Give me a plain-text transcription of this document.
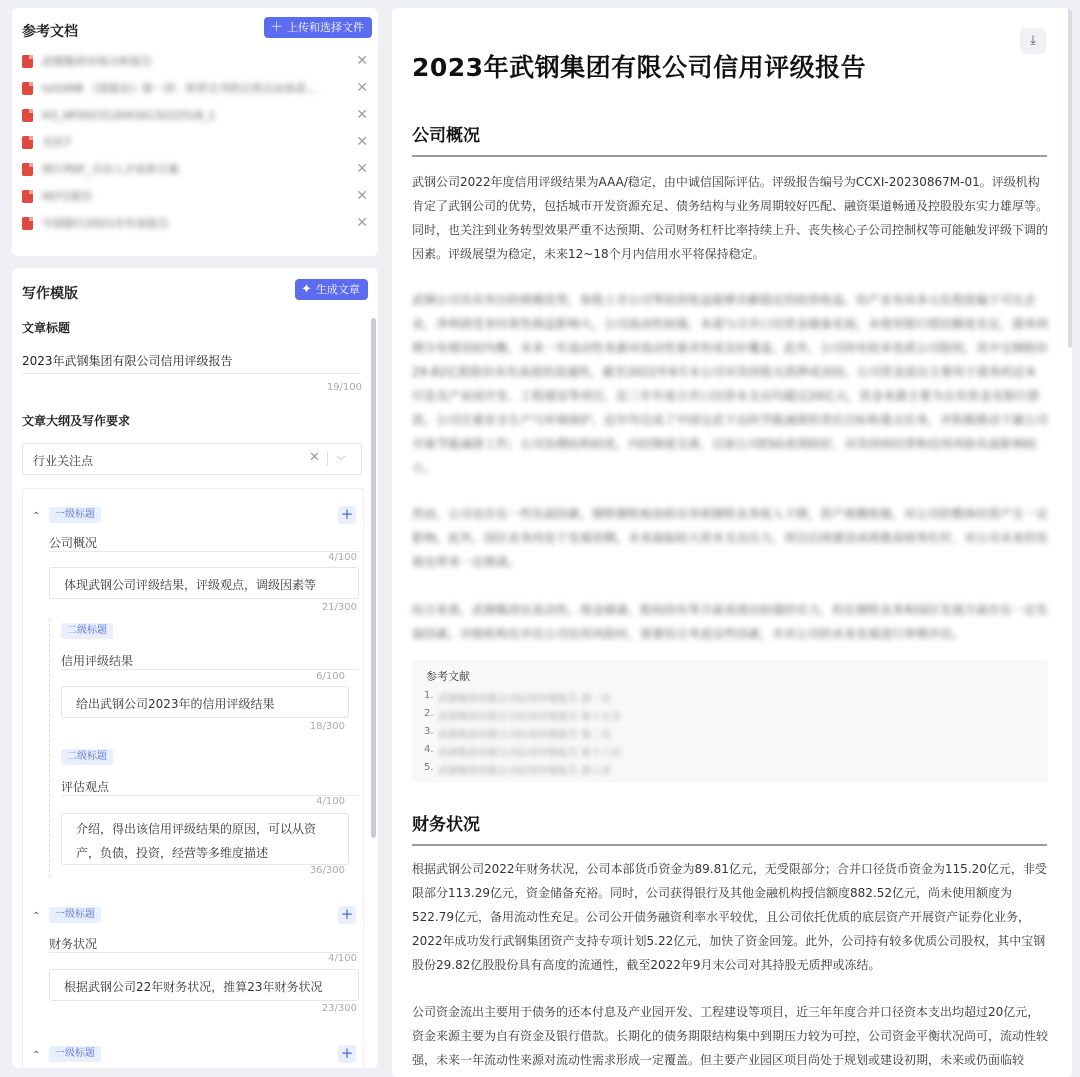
参考文档	＋ 上传和选择文件
武钢集团市场分析报告	✕
tsl1008 《国富论》第一讲：纵贯全书的自然自由体系...	✕
H3_AP202312041613222518_1	✕
光伏7	✕
图片PDF_丰田人才培养方案	✕
0071简历	✕
中国银行2021年年度报告	✕
写作模版	✦ 生成文章
文章标题
2023年武钢集团有限公司信用评级报告
19/100
文章大纲及写作要求
行业关注点	✕ ⌵
⌃	一级标题	+
公司概况
4/100
体现武钢公司评级结果，评级观点，调级因素等
21/300
二级标题
信用评级结果
6/100
给出武钢公司2023年的信用评级结果
18/300
二级标题
评估观点
4/100
介绍，得出该信用评级结果的原因，可以从资产，负债，投资，经营等多维度描述
36/300
⌃	一级标题	+
财务状况
4/100
根据武钢公司22年财务状况，推算23年财务状况
23/300
⌃	一级标题	+
⤓
2023年武钢集团有限公司信用评级报告
公司概况
武钢公司2022年度信用评级结果为AAA/稳定，由中诚信国际评估。评级报告编号为CCXI-20230867M-01。评级机构肯定了武钢公司的优势，包括城市开发资源充足、债务结构与业务周期较好匹配、融资渠道畅通及控股股东实力雄厚等。同时，也关注到业务转型效果严重不达预期、公司财务杠杆比率持续上升、丧失核心子公司控制权等可能触发评级下调的因素。评级展望为稳定，未来12~18个月内信用水平将保持稳定。
武钢公司具有突出的规模优势，参股上市公司等投资收益能够贡献稳定的投资收益。但产业布局多元化程度偏于可比企业，净利润受非经常性损益影响大，公司流动性较强，本部与合并口径资金储备充裕，未使用银行授信额度充足，债务到期分布情况较均衡，未来一年流动性来源对流动性需求形成良好覆盖。此外，公司持有较多优质公司股权，其中宝钢股份29.82亿股股份具有高度的流通性，截至2022年9月末公司对其持股无质押或冻结。公司资金流出主要用于债务的还本付息及产业园开发、工程建设等项目，近三年年度合并口径资本支出均超过20亿元，资金来源主要为自有资金及银行借款。公司注重安全生产与环境保护，近年均完成了中国宝武下达的节能减排的责任目标和重点任务，并积极推动下属公司开展节能减排工作；公司治理结构较优，内控制度完善，目前公司ESG表现较好，对其持续经营和信用风险负面影响较小。
然而，公司也存在一些负面因素，钢铁钢铁板块转出导致钢铁业务收入下降，资产规模收缩，对公司的整体经营产生一定影响。此外，园区业务尚处于发展初期，未来面临较大资本支出压力，项目后续建设或将推高财务杠杆，对公司未来的发展也带来一定挑战。
综合来看，武钢集团在流动性、现金储备、股权持有等方面表现出较强的实力，但在钢铁业务和园区发展方面存在一定负面因素。评级机构在评估公司信用风险时，需要综合考虑这些因素，并对公司的未来发展进行审慎评估。
参考文献
1. 武钢集团有限公司信用评级报告 第一页
2. 武钢集团有限公司信用评级报告 第十五页
3. 武钢集团有限公司信用评级报告 第二页
4. 武钢集团有限公司信用评级报告 第十六页
5. 武钢集团有限公司信用评级报告 第八页
财务状况
根据武钢公司2022年财务状况，公司本部货币资金为89.81亿元，无受限部分；合并口径货币资金为115.20亿元，非受限部分113.29亿元，资金储备充裕。同时，公司获得银行及其他金融机构授信额度882.52亿元，尚未使用额度为522.79亿元，备用流动性充足。公司公开债务融资利率水平较优，且公司依托优质的底层资产开展资产证券化业务，2022年成功发行武钢集团资产支持专项计划5.22亿元，加快了资金回笼。此外，公司持有较多优质公司股权，其中宝钢股份29.82亿股股份具有高度的流通性，截至2022年9月末公司对其持股无质押或冻结。
公司资金流出主要用于债务的还本付息及产业园开发、工程建设等项目，近三年年度合并口径资本支出均超过20亿元，资金来源主要为自有资金及银行借款。长期化的债务期限结构集中到期压力较为可控，公司资金平衡状况尚可，流动性较强，未来一年流动性来源对流动性需求形成一定覆盖。但主要产业园区项目尚处于规划或建设初期，未来或仍面临较
